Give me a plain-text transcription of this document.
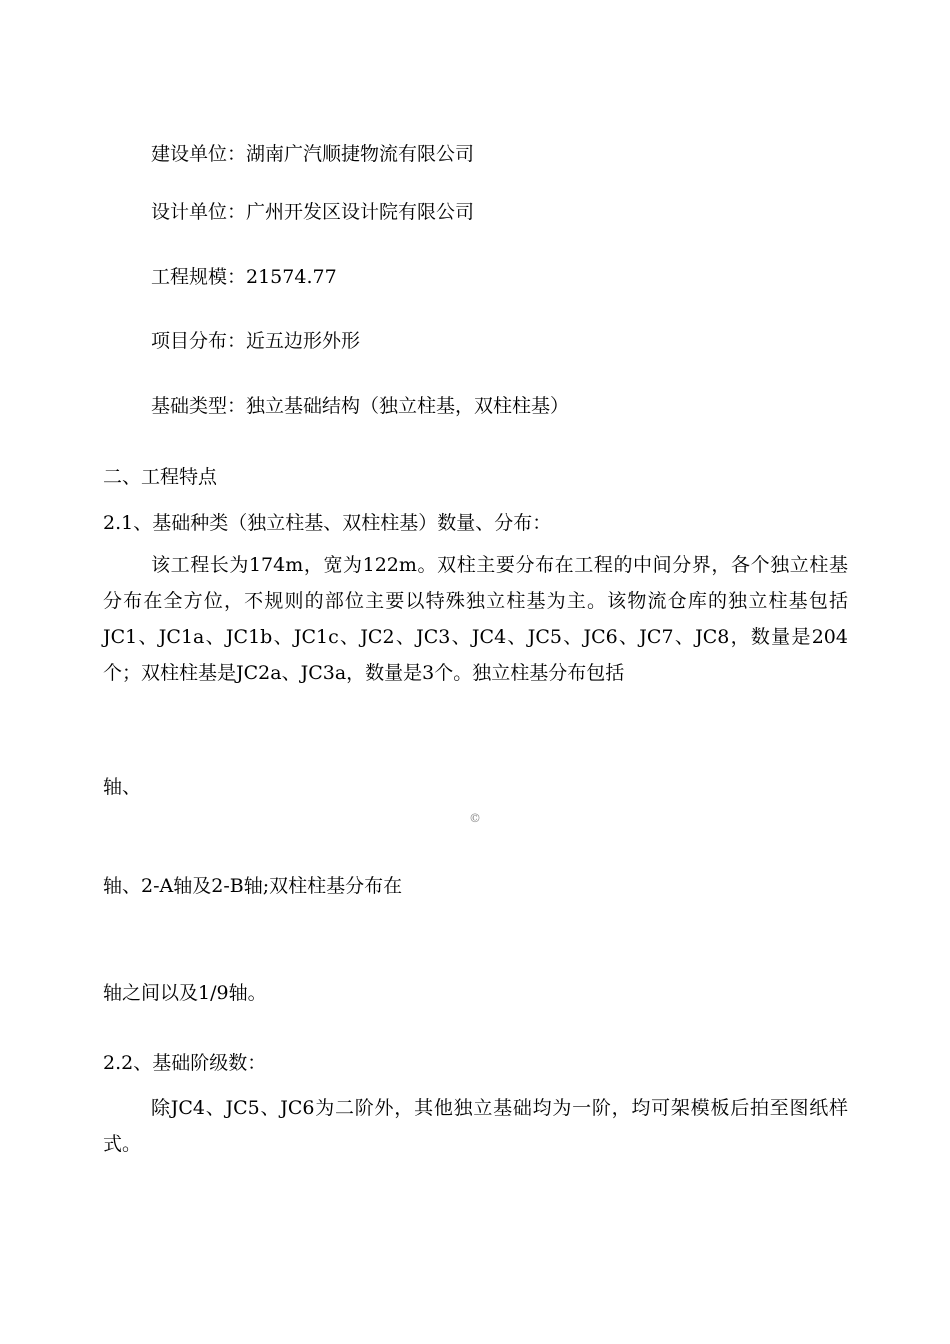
建设单位：湖南广汽顺捷物流有限公司
设计单位：广州开发区设计院有限公司
工程规模：21574.77
项目分布：近五边形外形
基础类型：独立基础结构（独立柱基，双柱柱基）
二、工程特点
2.1、基础种类（独立柱基、双柱柱基）数量、分布：
该工程长为174m，宽为122m。双柱主要分布在工程的中间分界，各个独立柱基分布在全方位，不规则的部位主要以特殊独立柱基为主。该物流仓库的独立柱基包括JC1、JC1a、JC1b、JC1c、JC2、JC3、JC4、JC5、JC6、JC7、JC8，数量是204个；双柱柱基是JC2a、JC3a，数量是3个。独立柱基分布包括
轴、
©
轴、2-A轴及2-B轴;双柱柱基分布在
轴之间以及1/9轴。
2.2、基础阶级数：
除JC4、JC5、JC6为二阶外，其他独立基础均为一阶，均可架模板后拍至图纸样式。
